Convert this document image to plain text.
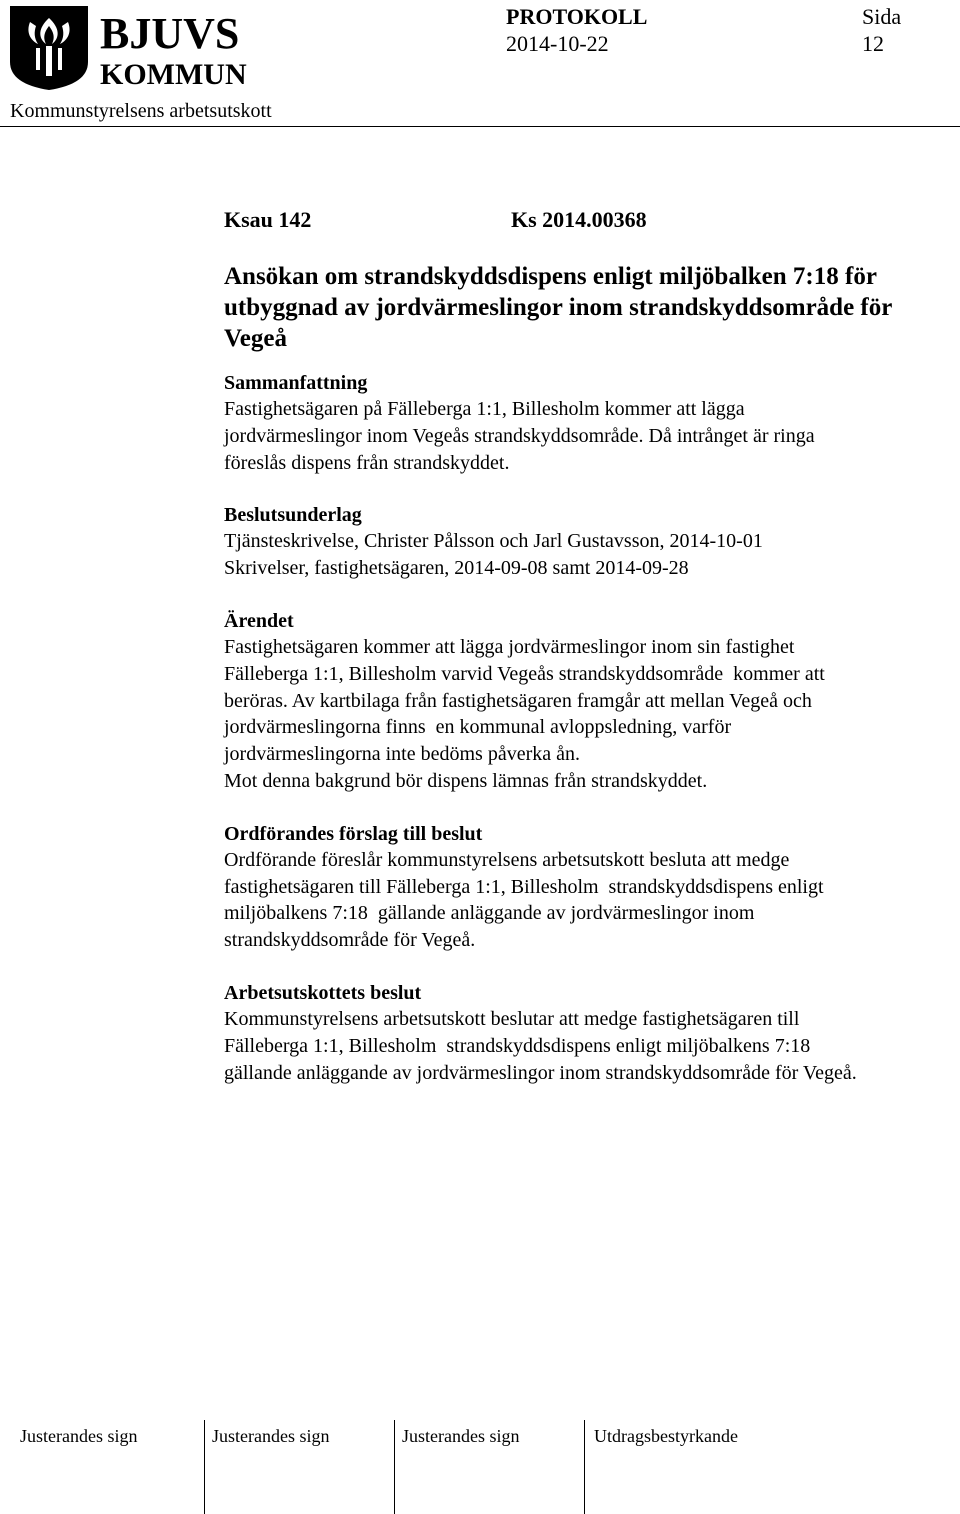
BJUVS
KOMMUN
PROTOKOLL
2014-10-22
Sida
12
Kommunstyrelsens arbetsutskott
Ksau 142	Ks 2014.00368
Ansökan om strandskyddsdispens enligt miljöbalken 7:18 för utbyggnad av jordvärmeslingor inom strandskyddsområde för Vegeå
Sammanfattning
Fastighetsägaren på Fälleberga 1:1, Billesholm kommer att lägga
jordvärmeslingor inom Vegeås strandskyddsområde. Då intrånget är ringa
föreslås dispens från strandskyddet.
Beslutsunderlag
Tjänsteskrivelse, Christer Pålsson och Jarl Gustavsson, 2014-10-01
Skrivelser, fastighetsägaren, 2014-09-08 samt 2014-09-28
Ärendet
Fastighetsägaren kommer att lägga jordvärmeslingor inom sin fastighet
Fälleberga 1:1, Billesholm varvid Vegeås strandskyddsområde  kommer att
beröras. Av kartbilaga från fastighetsägaren framgår att mellan Vegeå och
jordvärmeslingorna finns  en kommunal avloppsledning, varför
jordvärmeslingorna inte bedöms påverka ån.
Mot denna bakgrund bör dispens lämnas från strandskyddet.
Ordförandes förslag till beslut
Ordförande föreslår kommunstyrelsens arbetsutskott besluta att medge
fastighetsägaren till Fälleberga 1:1, Billesholm  strandskyddsdispens enligt
miljöbalkens 7:18  gällande anläggande av jordvärmeslingor inom
strandskyddsområde för Vegeå.
Arbetsutskottets beslut
Kommunstyrelsens arbetsutskott beslutar att medge fastighetsägaren till
Fälleberga 1:1, Billesholm  strandskyddsdispens enligt miljöbalkens 7:18
gällande anläggande av jordvärmeslingor inom strandskyddsområde för Vegeå.
Justerandes sign	Justerandes sign	Justerandes sign	Utdragsbestyrkande
